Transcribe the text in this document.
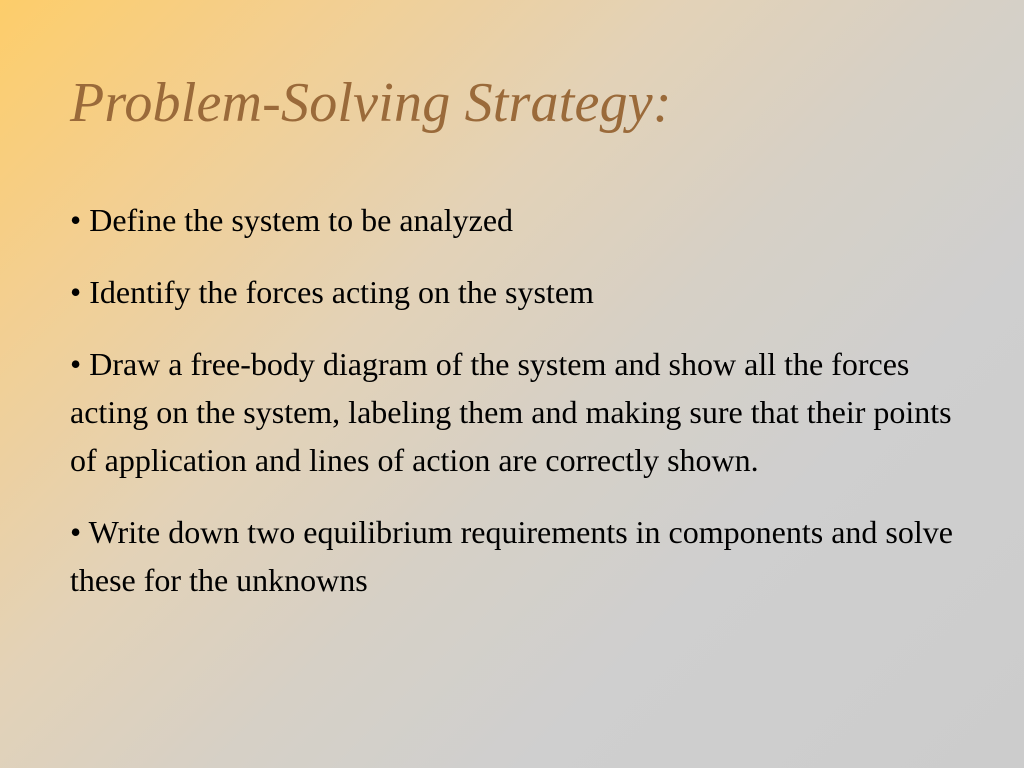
Problem-Solving Strategy:
• Define the system to be analyzed
• Identify the forces acting on the system
• Draw a free-body diagram of the system and show all the forces acting on the system, labeling them and making sure that their points of application and lines of action are correctly shown.
• Write down two equilibrium requirements in components and solve these for the unknowns
